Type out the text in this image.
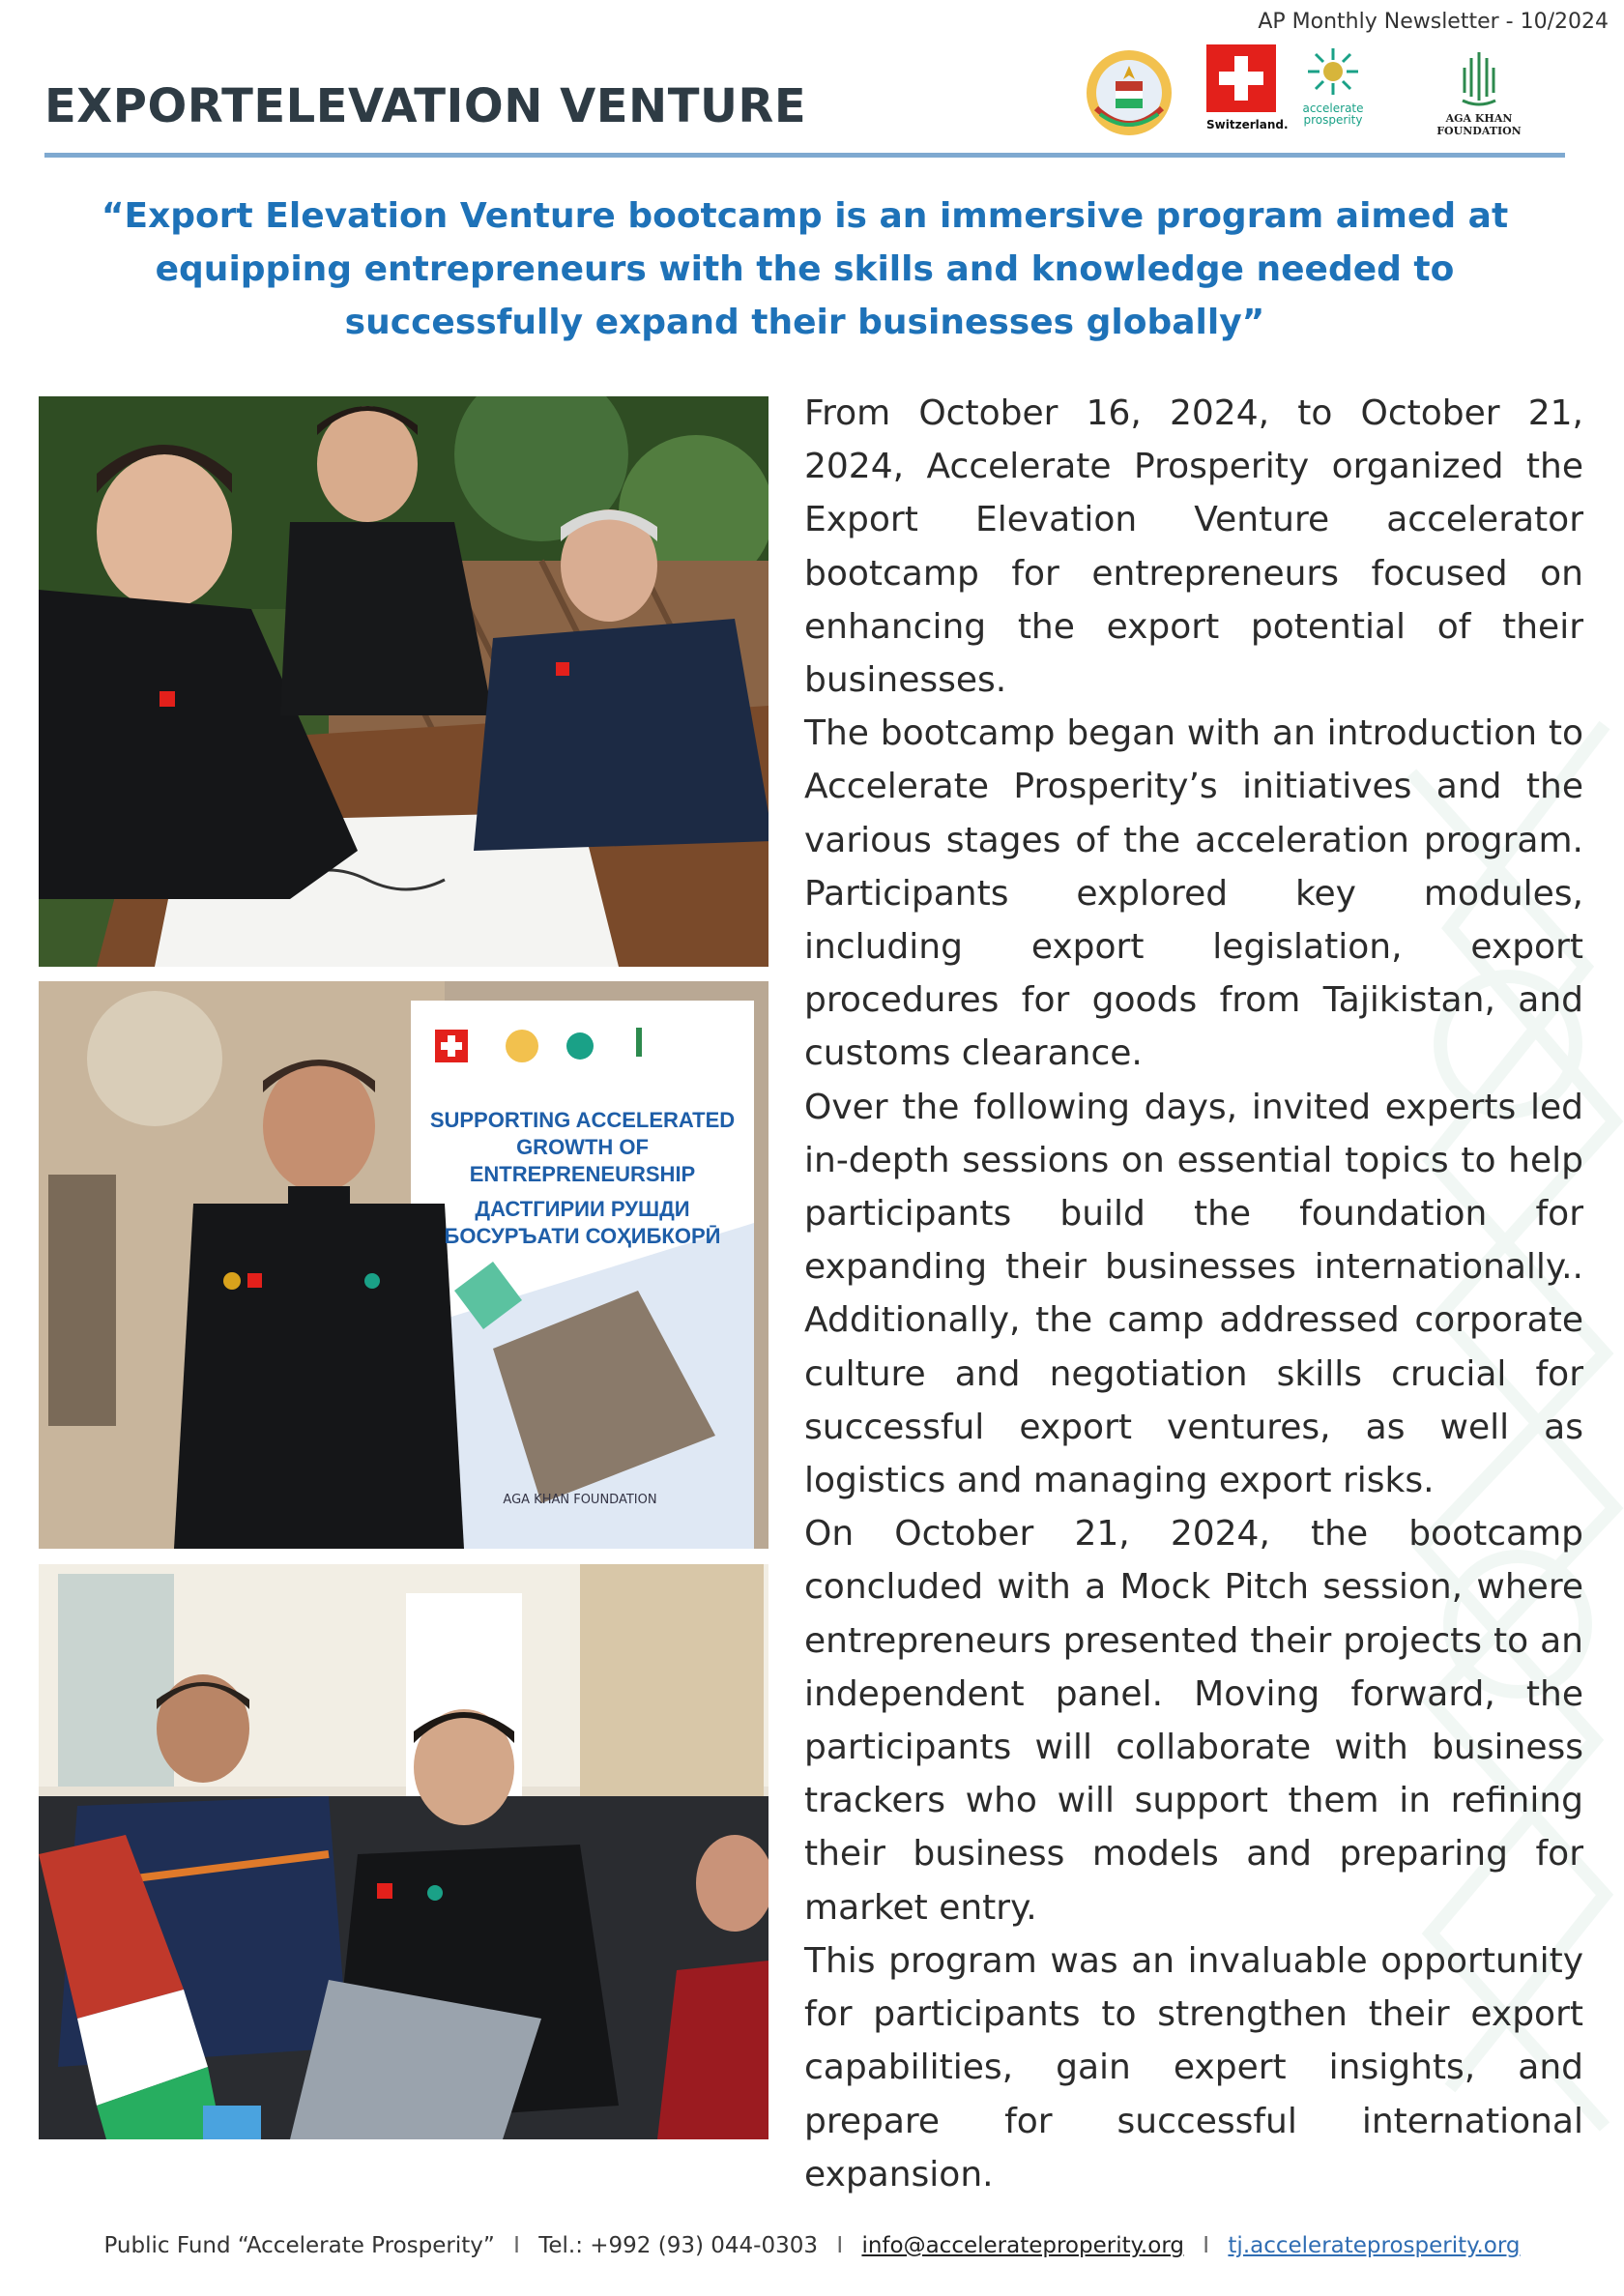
AP Monthly Newsletter - 10/2024
EXPORTELEVATION VENTURE	Switzerland.
accelerate
prosperity	AGA KHAN FOUNDATION

“Export Elevation Venture bootcamp is an immersive program aimed at equipping entrepreneurs with the skills and knowledge needed to successfully expand their businesses globally”

AGA KHAN FOUNDATION
SUPPORTING ACCELERATED
GROWTH OF
ENTREPRENEURSHIP
ДАСТГИРИИ РУШДИ
БОСУРЪАТИ СОҲИБКОРӢ

From October 16, 2024, to October 21, 2024, Accelerate Prosperity organized the Export Elevation Venture accelerator bootcamp for entrepreneurs focused on enhancing the export potential of their businesses.

The bootcamp began with an introduction to Accelerate Prosperity’s initiatives and the various stages of the acceleration program. Participants explored key modules, including export legislation, export procedures for goods from Tajikistan, and customs clearance.

Over the following days, invited experts led in-depth sessions on essential topics to help participants build the foundation for expanding their businesses internationally.. Additionally, the camp addressed corporate culture and negotiation skills crucial for successful export ventures, as well as logistics and managing export risks.

On October 21, 2024, the bootcamp concluded with a Mock Pitch session, where entrepreneurs presented their projects to an independent panel. Moving forward, the participants will collaborate with business trackers who will support them in refining their business models and preparing for market entry.

This program was an invaluable opportunity for participants to strengthen their export capabilities, gain expert insights, and prepare for successful international expansion.

Public Fund “Accelerate Prosperity” I Tel.: +992 (93) 044-0303 I info@accelerateproperity.org I tj.accelerateprosperity.org
